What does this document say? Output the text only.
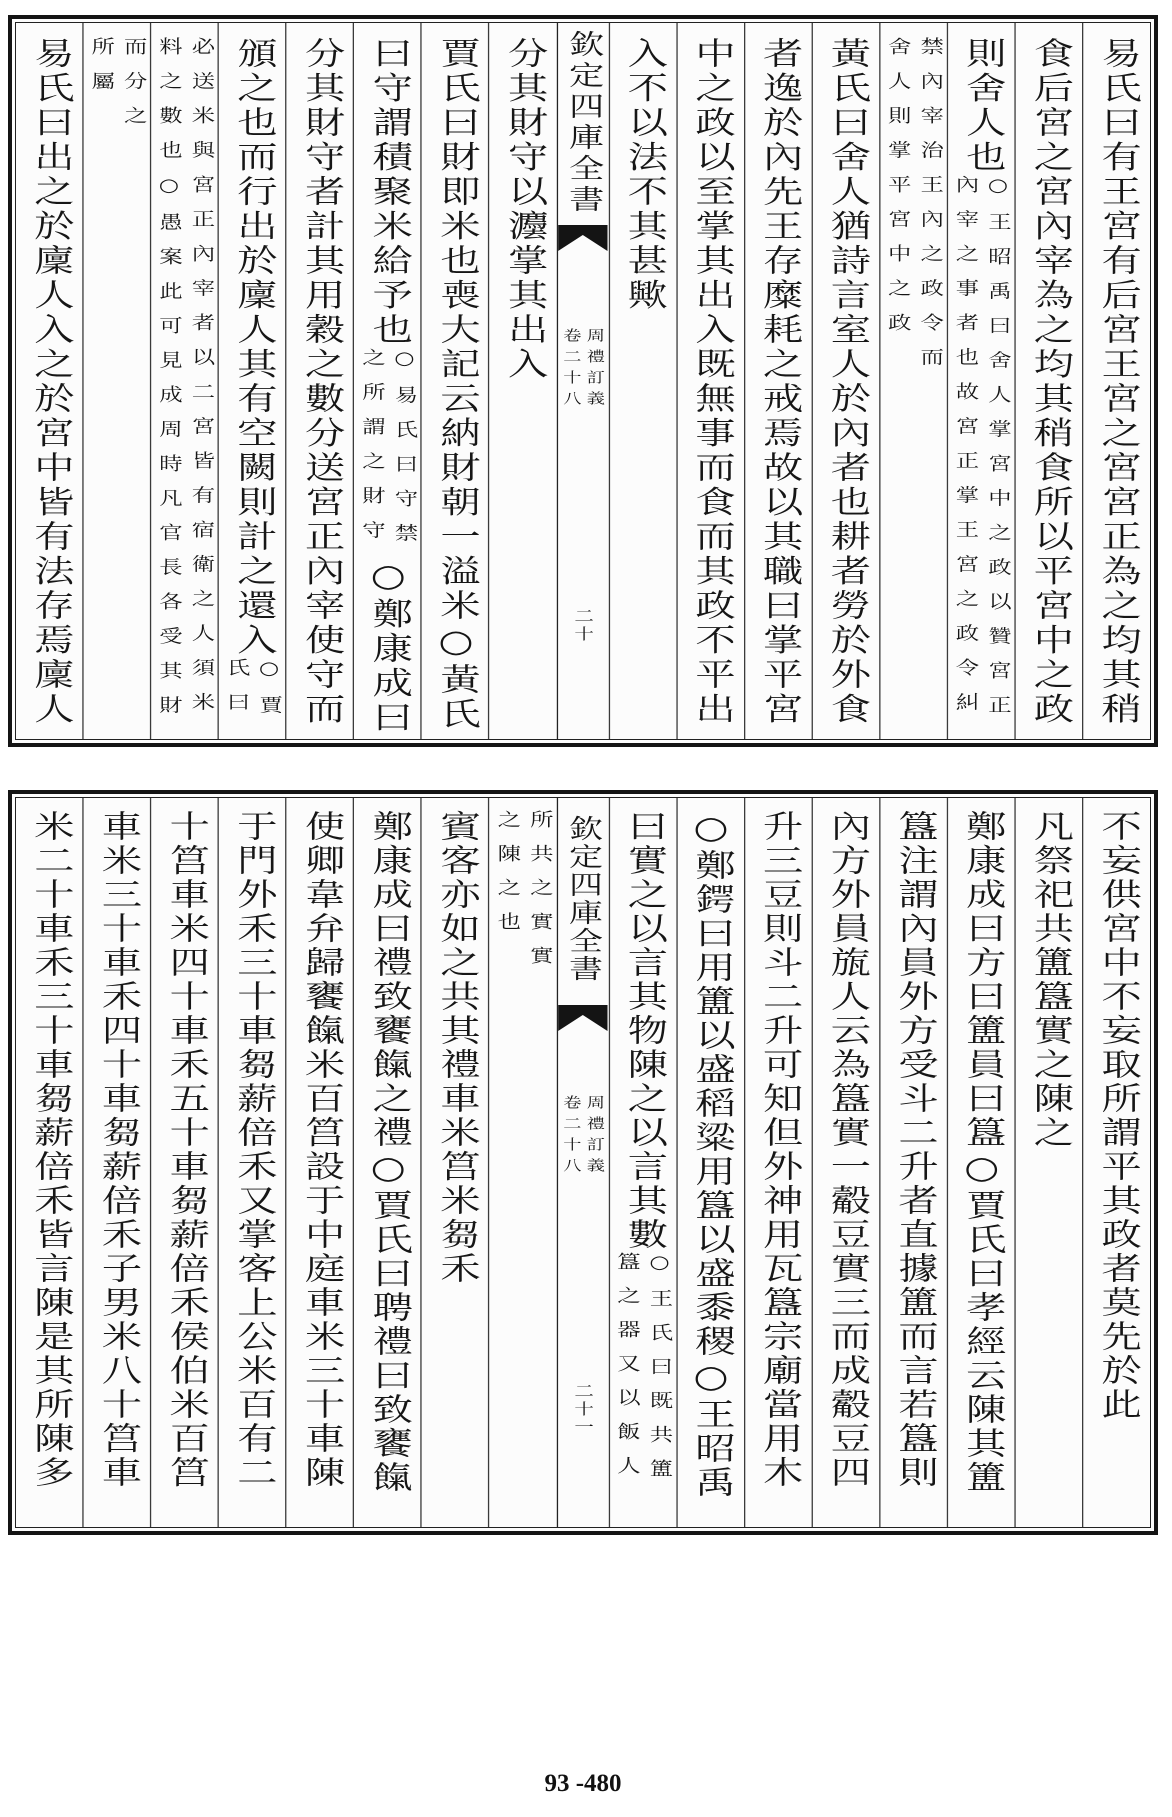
易氏曰有王宮有后宮王宮之宮宮正為之均其稍
食后宮之宮內宰為之均其稍食所以平宮中之政
則舍人也
○王昭禹曰舍人掌宮中之政以贊宮正
內宰之事者也故宮正掌王宮之政令糾
禁內宰治王內之政令而
舍人則掌平宮中之政
黃氏曰舍人猶詩言室人於內者也耕者勞於外食
者逸於內先王存糜耗之戒焉故以其職曰掌平宮
中之政以至掌其出入既無事而食而其政不平出
入不以法不其甚歟
欽定四庫全書
周禮訂義
卷二十八
二十
分其財守以灋掌其出入
賈氏曰財即米也喪大記云納財朝一溢米○黃氏
曰守謂積聚米給予也
○易氏曰守禁
之所謂之財守
○鄭康成曰
分其財守者計其用穀之數分送宮正內宰使守而
頒之也而行出於廩人其有空闕則計之還入
○賈
氏曰
必送米與宮正內宰者以二宮皆有宿衛之人須米
料之數也○愚案此可見成周時凡官長各受其財
而分之
所屬
易氏曰出之於廩人入之於宮中皆有法存焉廩人
不妄供宮中不妄取所謂平其政者莫先於此
凡祭祀共簠簋實之陳之
鄭康成曰方曰簠員曰簋○賈氏曰孝經云陳其簠
簋注謂內員外方受斗二升者直據簠而言若簋則
內方外員旊人云為簋實一觳豆實三而成觳豆四
升三豆則斗二升可知但外神用瓦簋宗廟當用木
○鄭鍔曰用簠以盛稻粱用簋以盛黍稷○王昭禹
曰實之以言其物陳之以言其數
○王氏曰既共簠
簋之器又以飯人
欽定四庫全書
周禮訂義
卷二十八
二十一
所共之實實
之陳之也
賓客亦如之共其禮車米筥米芻禾
鄭康成曰禮致饔餼之禮○賈氏曰聘禮曰致饔餼
使卿韋弁歸饔餼米百筥設于中庭車米三十車陳
于門外禾三十車芻薪倍禾又掌客上公米百有二
十筥車米四十車禾五十車芻薪倍禾侯伯米百筥
車米三十車禾四十車芻薪倍禾子男米八十筥車
米二十車禾三十車芻薪倍禾皆言陳是其所陳多
93 -480
